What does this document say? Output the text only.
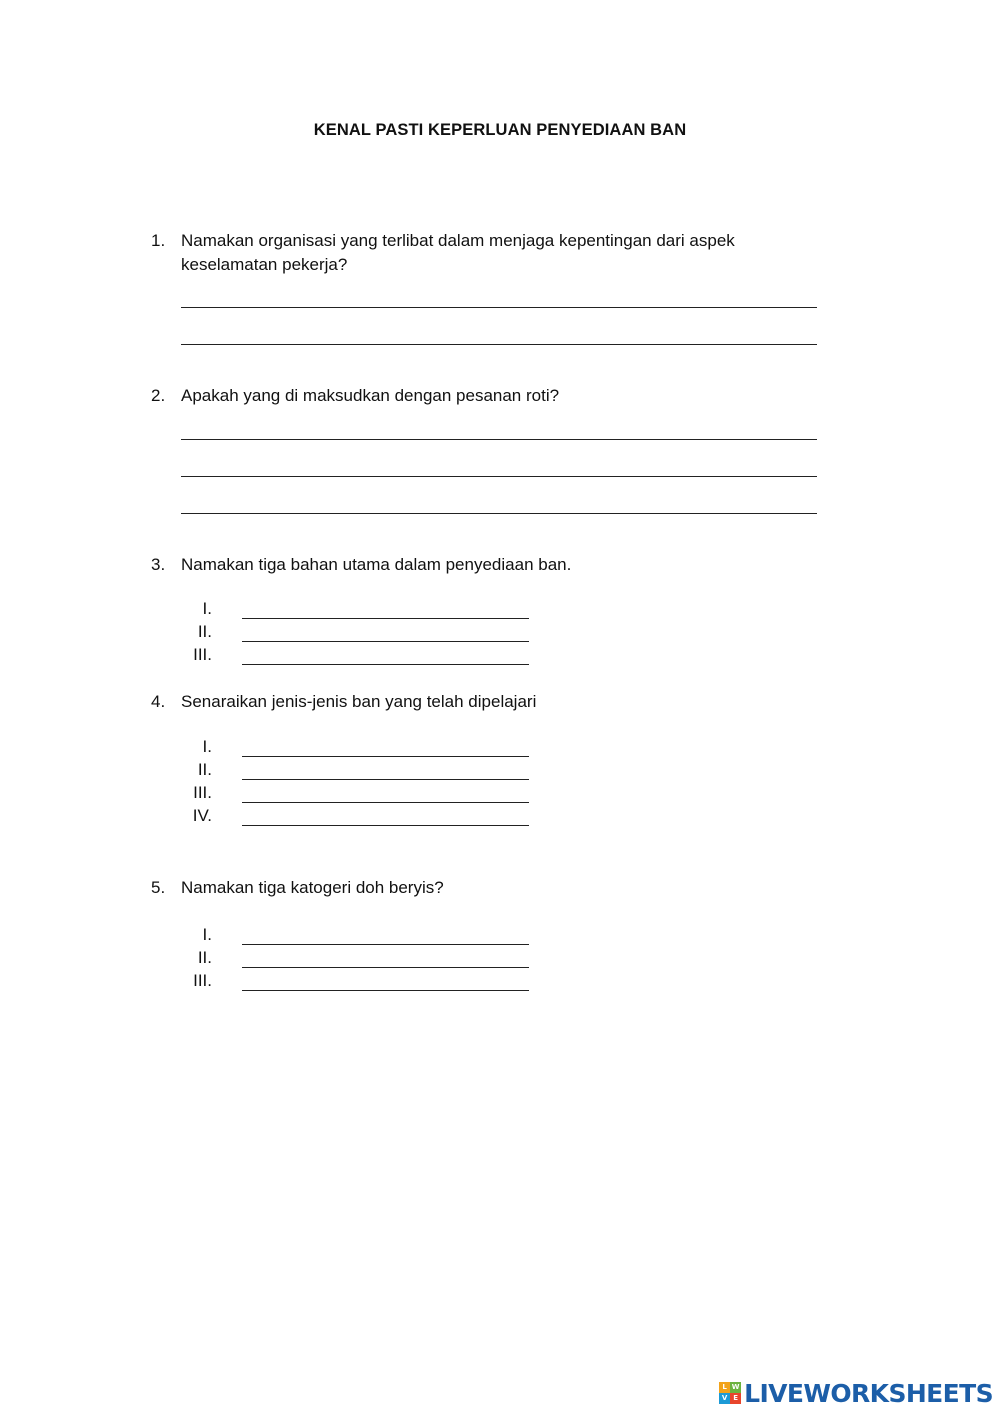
KENAL PASTI KEPERLUAN PENYEDIAAN BAN
1. Namakan organisasi yang terlibat dalam menjaga kepentingan dari aspek
keselamatan pekerja?
2. Apakah yang di maksudkan dengan pesanan roti?
3. Namakan tiga bahan utama dalam penyediaan ban.
I.
II.
III.
4. Senaraikan jenis-jenis ban yang telah dipelajari
I.
II.
III.
IV.
5. Namakan tiga katogeri doh beryis?
I.
II.
III.
L W
V E LIVEWORKSHEETS
